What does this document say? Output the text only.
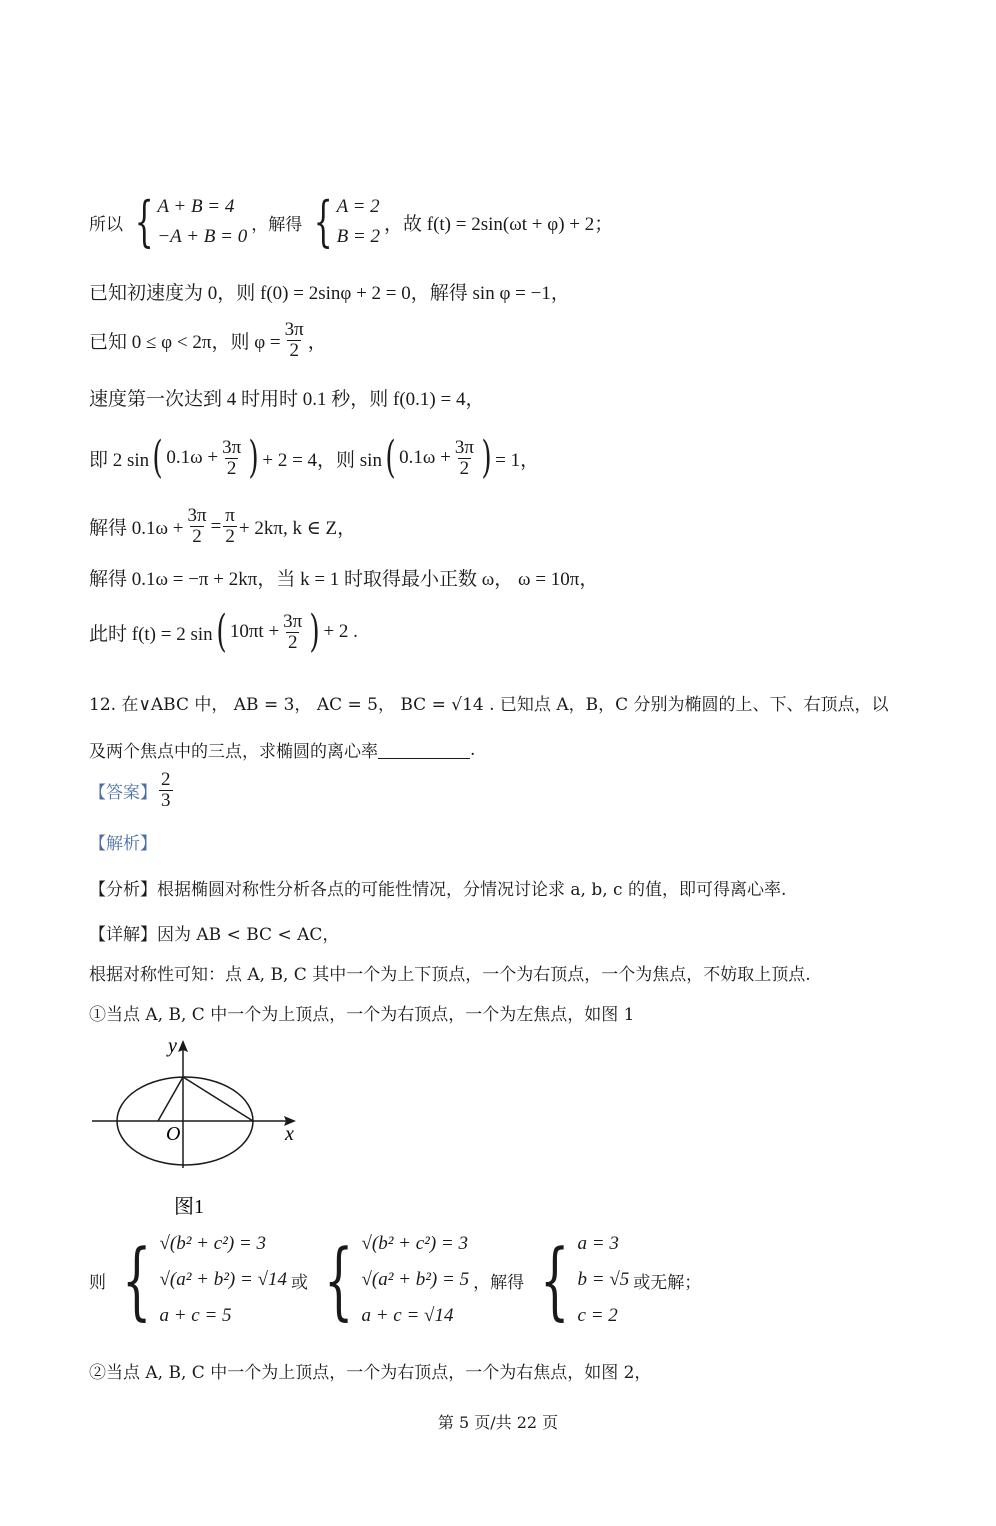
所以 { A + B = 4
−A + B = 0
，解得 { A = 2
B = 2
，故 f(t) = 2sin(ωt + φ) + 2；
已知初速度为 0，则 f(0) = 2sinφ + 2 = 0，解得 sin φ = −1，
已知 0 ≤ φ < 2π，则 $\varphi = \frac{3\pi}{2}$ ，
速度第一次达到 4 时用时 0.1 秒，则 f(0.1) = 4，
即 2 sin ( $0.1\omega + \frac{3\pi}{2}$ ) + 2 = 4，则 sin ( $0.1\omega + \frac{3\pi}{2}$ ) = 1，
解得 $0.1\omega + \frac{3\pi}{2} = \frac{\pi}{2} + 2k\pi$, k ∈ Z，
解得 0.1ω = −π + 2kπ，当 k = 1 时取得最小正数 ω， ω = 10π，
此时 f(t) = 2 sin ( $10\pi t + \frac{3\pi}{2}$ ) + 2 .
12. 在∨ABC 中， AB = 3， AC = 5， BC = √14 . 已知点 A，B，C 分别为椭圆的上、下、右顶点，以
及两个焦点中的三点，求椭圆的离心率	.
【答案】 $\frac{2}{3}$
【解析】
【分析】根据椭圆对称性分析各点的可能性情况，分情况讨论求 a, b, c 的值，即可得离心率.
【详解】因为 AB < BC < AC，
根据对称性可知：点 A, B, C 其中一个为上下顶点，一个为右顶点，一个为焦点，不妨取上顶点.
①当点 A, B, C 中一个为上顶点，一个为右顶点，一个为左焦点，如图 1
y
x
O
图1
则 { √(b² + c²) = 3
√(a² + b²) = √14
a + c = 5
或 { √(b² + c²) = 3
√(a² + b²) = 5
a + c = √14
，解得 { a = 3
b = √5
c = 2
或无解；
②当点 A, B, C 中一个为上顶点，一个为右顶点，一个为右焦点，如图 2，
第 5 页/共 22 页
